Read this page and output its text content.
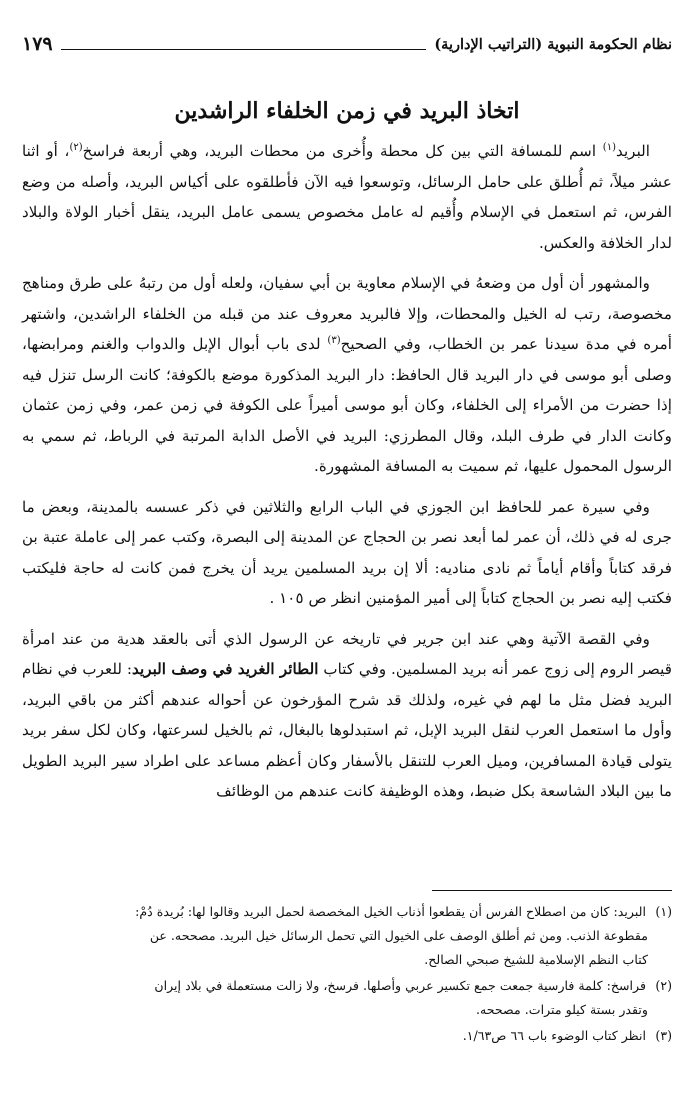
نظام الحكومة النبوية (التراتيب الإدارية)
١٧٩
اتخاذ البريد في زمن الخلفاء الراشدين

البريد$^{(١)}$ اسم للمسافة التي بين كل محطة وأُخرى من محطات البريد، وهي أربعة فراسخ$^{(٢)}$، أو اثنا عشر ميلاً، ثم أُطلق على حامل الرسائل، وتوسعوا فيه الآن فأطلقوه على أكياس البريد، وأصله من وضع الفرس، ثم استعمل في الإسلام وأُقيم له عامل مخصوص يسمى عامل البريد، ينقل أخبار الولاة والبلاد لدار الخلافة والعكس.

والمشهور أن أول من وضعهُ في الإسلام معاوية بن أبي سفيان، ولعله أول من رتبهُ على طرق ومناهج مخصوصة، رتب له الخيل والمحطات، وإلا فالبريد معروف عند من قبله من الخلفاء الراشدين، واشتهر أمره في مدة سيدنا عمر بن الخطاب، وفي الصحيح$^{(٣)}$ لدى باب أبوال الإبل والدواب والغنم ومرابضها، وصلى أبو موسى في دار البريد قال الحافظ: دار البريد المذكورة موضع بالكوفة؛ كانت الرسل تنزل فيه إذا حضرت من الأمراء إلى الخلفاء، وكان أبو موسى أميراً على الكوفة في زمن عمر، وفي زمن عثمان وكانت الدار في طرف البلد، وقال المطرزي: البريد في الأصل الدابة المرتبة في الرباط، ثم سمي به الرسول المحمول عليها، ثم سميت به المسافة المشهورة.

وفي سيرة عمر للحافظ ابن الجوزي في الباب الرابع والثلاثين في ذكر عسسه بالمدينة، وبعض ما جرى له في ذلك، أن عمر لما أبعد نصر بن الحجاج عن المدينة إلى البصرة، وكتب عمر إلى عاملة عتبة بن فرقد كتاباً وأقام أياماً ثم نادى مناديه: ألا إن بريد المسلمين يريد أن يخرج فمن كانت له حاجة فليكتب فكتب إليه نصر بن الحجاج كتاباً إلى أمير المؤمنين انظر ص ١٠٥ .

وفي القصة الآتية وهي عند ابن جرير في تاريخه عن الرسول الذي أتى بالعقد هدية من عند امرأة قيصر الروم إلى زوج عمر أنه بريد المسلمين. وفي كتاب الطائر الغريد في وصف البريد: للعرب في نظام البريد فضل مثل ما لهم في غيره، ولذلك قد شرح المؤرخون عن أحواله عندهم أكثر من باقي البريد، وأول ما استعمل العرب لنقل البريد الإبل، ثم استبدلوها بالبغال، ثم بالخيل لسرعتها، وكان لكل سفر بريد يتولى قيادة المسافرين، وميل العرب للتنقل بالأسفار وكان أعظم مساعد على اطراد سير البريد الطويل ما بين البلاد الشاسعة بكل ضبط، وهذه الوظيفة كانت عندهم من الوظائف

(١) البريد: كان من اصطلاح الفرس أن يقطعوا أذناب الخيل المخصصة لحمل البريد وقالوا لها: بُريدة دُمْ:
مقطوعة الذنب. ومن ثم أطلق الوصف على الخيول التي تحمل الرسائل خيل البريد. مصححه. عن
كتاب النظم الإسلامية للشيخ صبحي الصالح.
(٢) فراسخ: كلمة فارسية جمعت جمع تكسير عربي وأصلها. فرسخ، ولا زالت مستعملة في بلاد إيران
وتقدر بستة كيلو مترات. مصححه.
(٣) انظر كتاب الوضوء باب ٦٦ ص١/٦٣.
